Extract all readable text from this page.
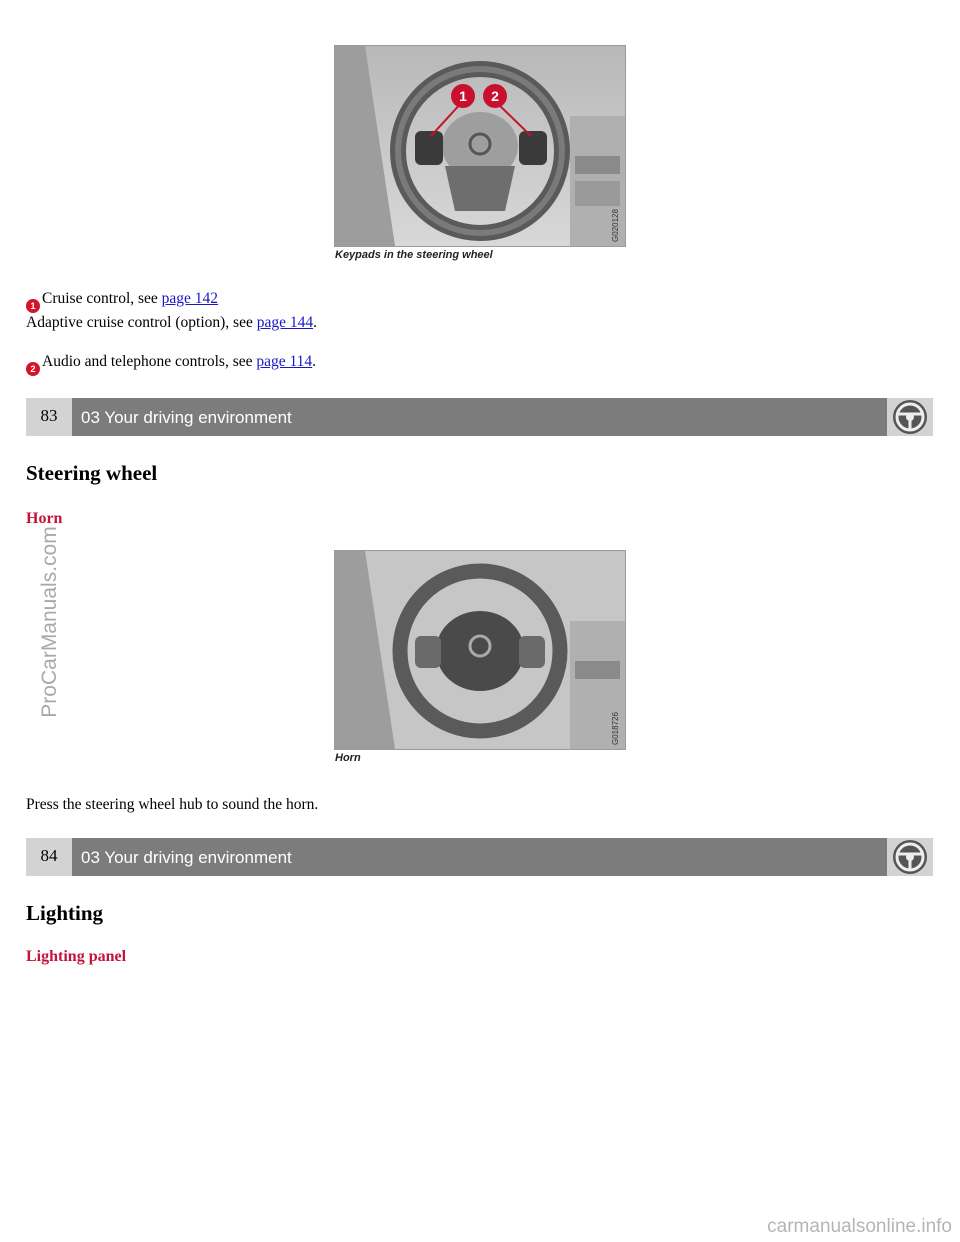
1 2
G020128
Keypads in the steering wheel
1 Cruise control, see page 142
Adaptive cruise control (option), see page 144.
2 Audio and telephone controls, see page 114.
83	03 Your driving environment
Steering wheel
Horn
G018726
Horn
Press the steering wheel hub to sound the horn.
84	03 Your driving environment
Lighting
Lighting panel
ProCarManuals.com
carmanualsonline.info
